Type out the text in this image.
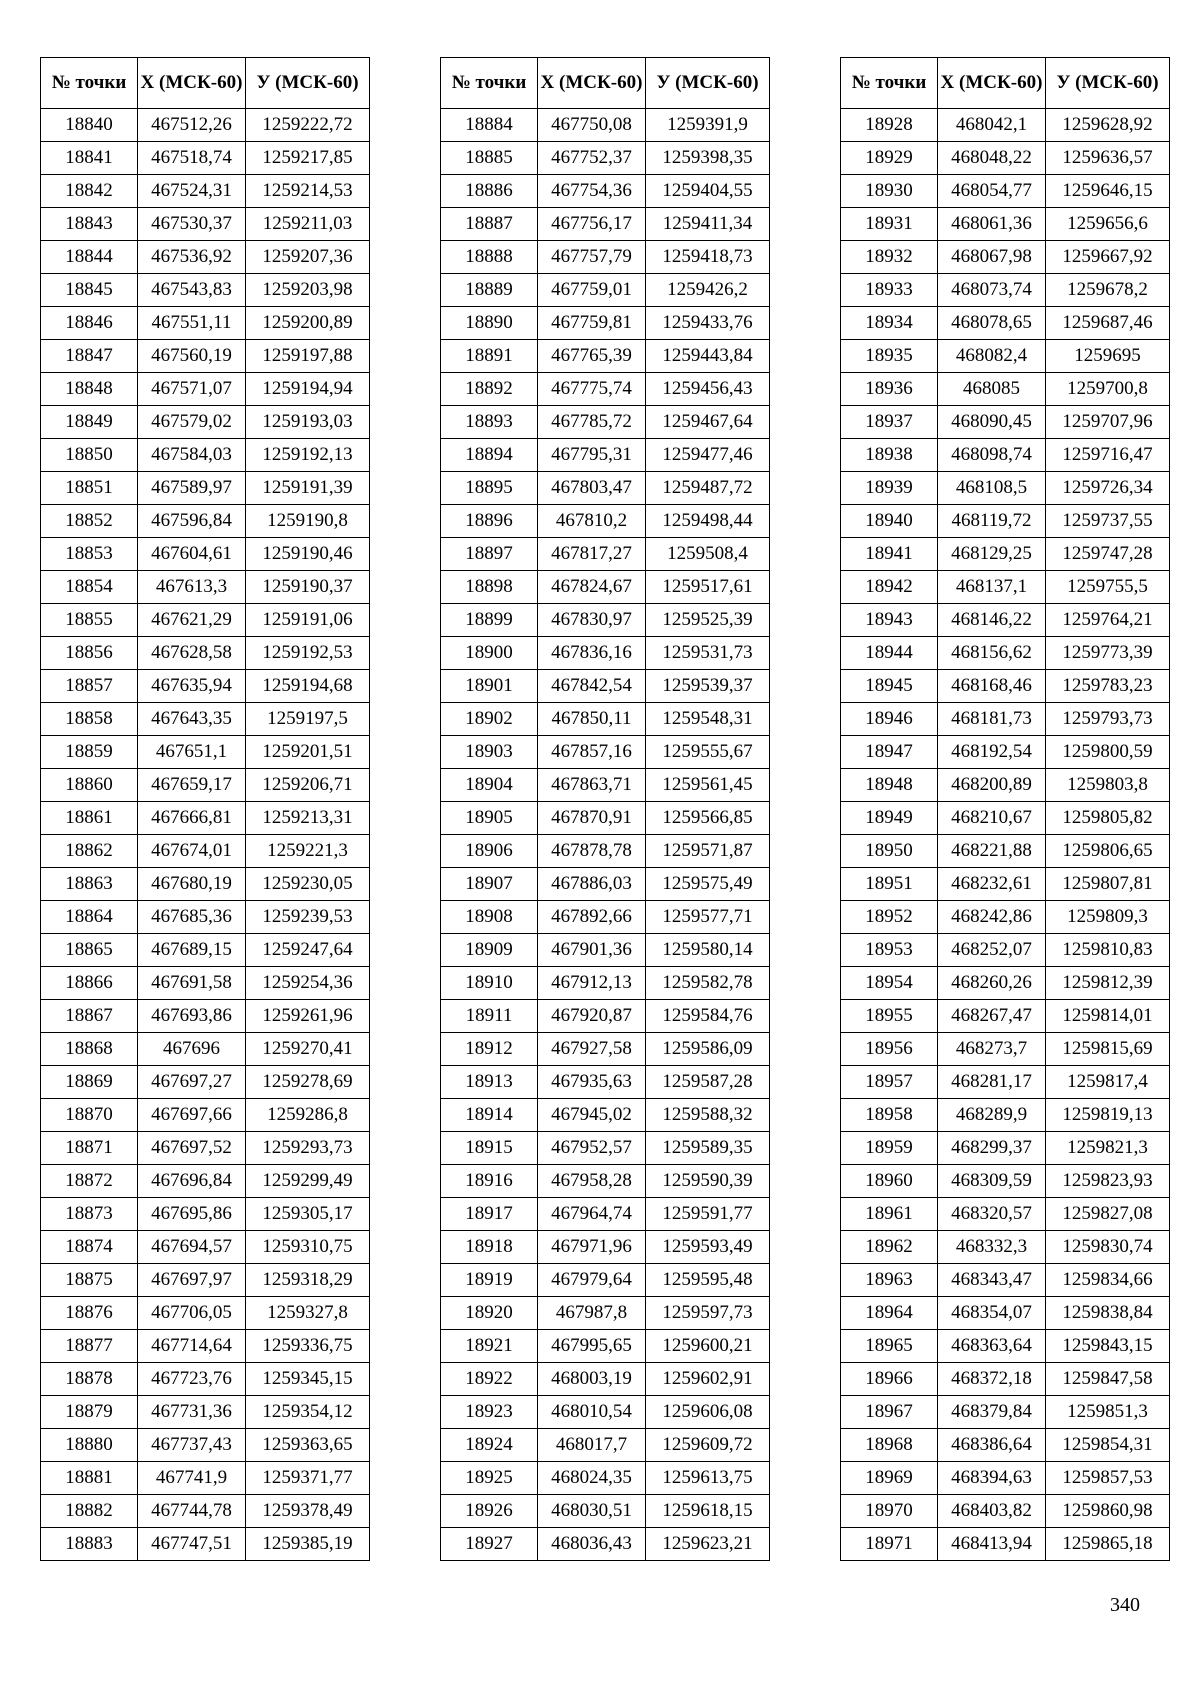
№ точки	X (МСК-60)	У (МСК-60)
18840	467512,26	1259222,72
18841	467518,74	1259217,85
18842	467524,31	1259214,53
18843	467530,37	1259211,03
18844	467536,92	1259207,36
18845	467543,83	1259203,98
18846	467551,11	1259200,89
18847	467560,19	1259197,88
18848	467571,07	1259194,94
18849	467579,02	1259193,03
18850	467584,03	1259192,13
18851	467589,97	1259191,39
18852	467596,84	1259190,8
18853	467604,61	1259190,46
18854	467613,3	1259190,37
18855	467621,29	1259191,06
18856	467628,58	1259192,53
18857	467635,94	1259194,68
18858	467643,35	1259197,5
18859	467651,1	1259201,51
18860	467659,17	1259206,71
18861	467666,81	1259213,31
18862	467674,01	1259221,3
18863	467680,19	1259230,05
18864	467685,36	1259239,53
18865	467689,15	1259247,64
18866	467691,58	1259254,36
18867	467693,86	1259261,96
18868	467696	1259270,41
18869	467697,27	1259278,69
18870	467697,66	1259286,8
18871	467697,52	1259293,73
18872	467696,84	1259299,49
18873	467695,86	1259305,17
18874	467694,57	1259310,75
18875	467697,97	1259318,29
18876	467706,05	1259327,8
18877	467714,64	1259336,75
18878	467723,76	1259345,15
18879	467731,36	1259354,12
18880	467737,43	1259363,65
18881	467741,9	1259371,77
18882	467744,78	1259378,49
18883	467747,51	1259385,19
№ точки	X (МСК-60)	У (МСК-60)
18884	467750,08	1259391,9
18885	467752,37	1259398,35
18886	467754,36	1259404,55
18887	467756,17	1259411,34
18888	467757,79	1259418,73
18889	467759,01	1259426,2
18890	467759,81	1259433,76
18891	467765,39	1259443,84
18892	467775,74	1259456,43
18893	467785,72	1259467,64
18894	467795,31	1259477,46
18895	467803,47	1259487,72
18896	467810,2	1259498,44
18897	467817,27	1259508,4
18898	467824,67	1259517,61
18899	467830,97	1259525,39
18900	467836,16	1259531,73
18901	467842,54	1259539,37
18902	467850,11	1259548,31
18903	467857,16	1259555,67
18904	467863,71	1259561,45
18905	467870,91	1259566,85
18906	467878,78	1259571,87
18907	467886,03	1259575,49
18908	467892,66	1259577,71
18909	467901,36	1259580,14
18910	467912,13	1259582,78
18911	467920,87	1259584,76
18912	467927,58	1259586,09
18913	467935,63	1259587,28
18914	467945,02	1259588,32
18915	467952,57	1259589,35
18916	467958,28	1259590,39
18917	467964,74	1259591,77
18918	467971,96	1259593,49
18919	467979,64	1259595,48
18920	467987,8	1259597,73
18921	467995,65	1259600,21
18922	468003,19	1259602,91
18923	468010,54	1259606,08
18924	468017,7	1259609,72
18925	468024,35	1259613,75
18926	468030,51	1259618,15
18927	468036,43	1259623,21
№ точки	X (МСК-60)	У (МСК-60)
18928	468042,1	1259628,92
18929	468048,22	1259636,57
18930	468054,77	1259646,15
18931	468061,36	1259656,6
18932	468067,98	1259667,92
18933	468073,74	1259678,2
18934	468078,65	1259687,46
18935	468082,4	1259695
18936	468085	1259700,8
18937	468090,45	1259707,96
18938	468098,74	1259716,47
18939	468108,5	1259726,34
18940	468119,72	1259737,55
18941	468129,25	1259747,28
18942	468137,1	1259755,5
18943	468146,22	1259764,21
18944	468156,62	1259773,39
18945	468168,46	1259783,23
18946	468181,73	1259793,73
18947	468192,54	1259800,59
18948	468200,89	1259803,8
18949	468210,67	1259805,82
18950	468221,88	1259806,65
18951	468232,61	1259807,81
18952	468242,86	1259809,3
18953	468252,07	1259810,83
18954	468260,26	1259812,39
18955	468267,47	1259814,01
18956	468273,7	1259815,69
18957	468281,17	1259817,4
18958	468289,9	1259819,13
18959	468299,37	1259821,3
18960	468309,59	1259823,93
18961	468320,57	1259827,08
18962	468332,3	1259830,74
18963	468343,47	1259834,66
18964	468354,07	1259838,84
18965	468363,64	1259843,15
18966	468372,18	1259847,58
18967	468379,84	1259851,3
18968	468386,64	1259854,31
18969	468394,63	1259857,53
18970	468403,82	1259860,98
18971	468413,94	1259865,18
340
